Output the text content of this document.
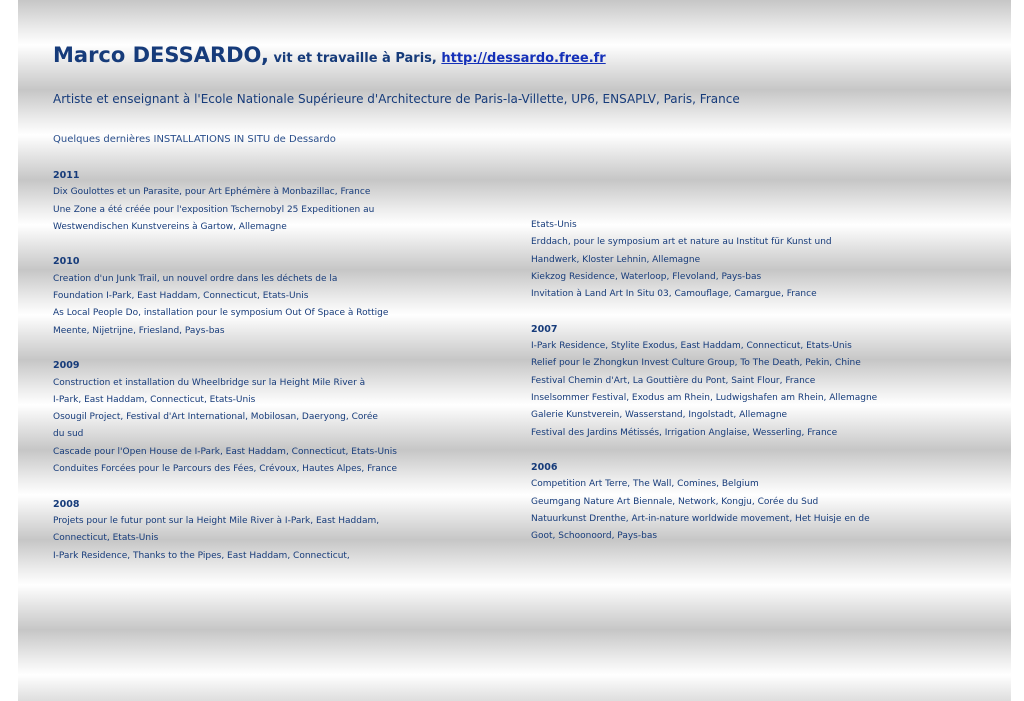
Marco DESSARDO, vit et travaille à Paris, http://dessardo.free.fr

Artiste et enseignant à l'Ecole Nationale Supérieure d'Architecture de Paris-la-Villette, UP6, ENSAPLV, Paris, France

Quelques dernières INSTALLATIONS IN SITU de Dessardo

2011

Dix Goulottes et un Parasite, pour Art Ephémère à Monbazillac, France

Une Zone a été créée pour l'exposition Tschernobyl 25 Expeditionen au

Westwendischen Kunstvereins à Gartow, Allemagne

2010

Creation d'un Junk Trail, un nouvel ordre dans les déchets de la

Foundation I-Park, East Haddam, Connecticut, Etats-Unis

As Local People Do, installation pour le symposium Out Of Space à Rottige

Meente, Nijetrijne, Friesland, Pays-bas

2009

Construction et installation du Wheelbridge sur la Height Mile River à

I-Park, East Haddam, Connecticut, Etats-Unis

Osougil Project, Festival d'Art International, Mobilosan, Daeryong, Corée

du sud

Cascade pour l'Open House de I-Park, East Haddam, Connecticut, Etats-Unis

Conduites Forcées pour le Parcours des Fées, Crévoux, Hautes Alpes, France

2008

Projets pour le futur pont sur la Height Mile River à I-Park, East Haddam,

Connecticut, Etats-Unis

I-Park Residence, Thanks to the Pipes, East Haddam, Connecticut,

Etats-Unis

Erddach, pour le symposium art et nature au Institut für Kunst und

Handwerk, Kloster Lehnin, Allemagne

Kiekzog Residence, Waterloop, Flevoland, Pays-bas

Invitation à Land Art In Situ 03, Camouflage, Camargue, France

2007

I-Park Residence, Stylite Exodus, East Haddam, Connecticut, Etats-Unis

Relief pour le Zhongkun Invest Culture Group, To The Death, Pekin, Chine

Festival Chemin d'Art, La Gouttière du Pont, Saint Flour, France

Inselsommer Festival, Exodus am Rhein, Ludwigshafen am Rhein, Allemagne

Galerie Kunstverein, Wasserstand, Ingolstadt, Allemagne

Festival des Jardins Métissés, Irrigation Anglaise, Wesserling, France

2006

Competition Art Terre, The Wall, Comines, Belgium

Geumgang Nature Art Biennale, Network, Kongju, Corée du Sud

Natuurkunst Drenthe, Art-in-nature worldwide movement, Het Huisje en de

Goot, Schoonoord, Pays-bas
